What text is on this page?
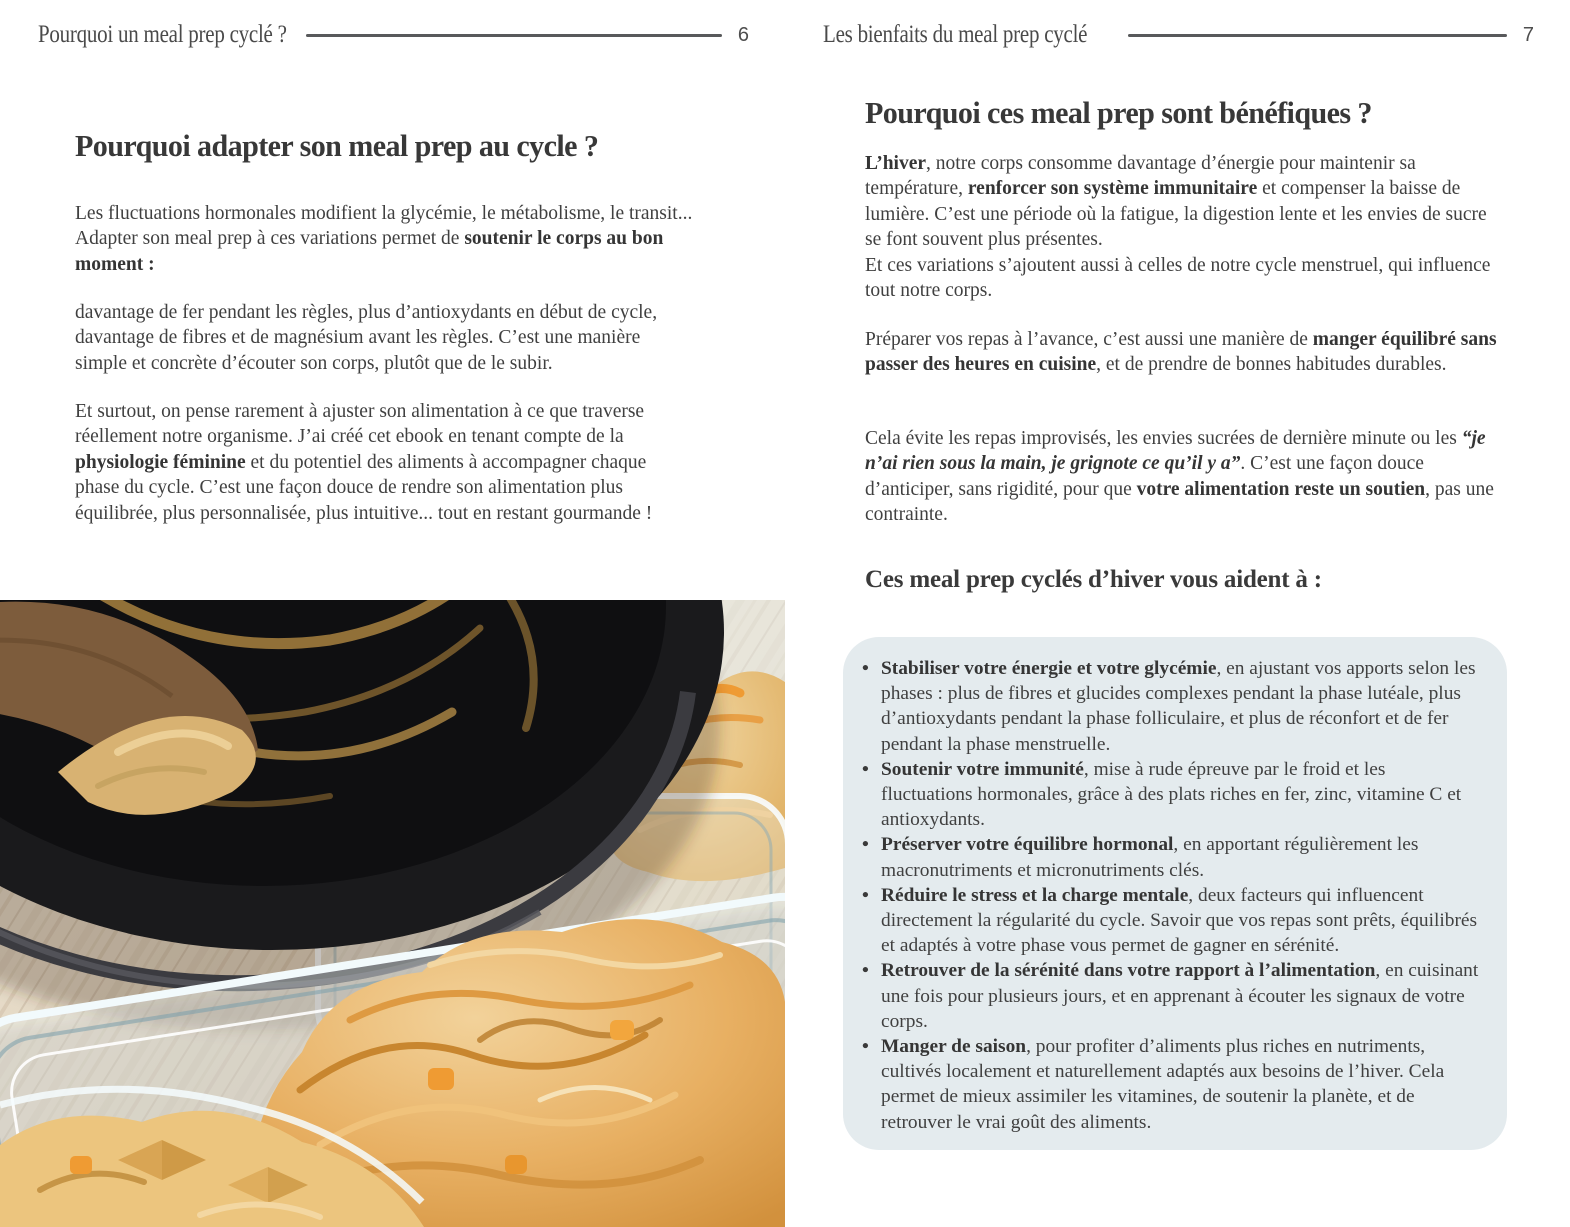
Pourquoi un meal prep cyclé ?	6
Pourquoi adapter son meal prep au cycle ?

Les fluctuations hormonales modifient la glycémie, le métabolisme, le transit... Adapter son meal prep à ces variations permet de soutenir le corps au bon moment :

davantage de fer pendant les règles, plus d’antioxydants en début de cycle, davantage de fibres et de magnésium avant les règles. C’est une manière simple et concrète d’écouter son corps, plutôt que de le subir.

Et surtout, on pense rarement à ajuster son alimentation à ce que traverse réellement notre organisme. J’ai créé cet ebook en tenant compte de la physiologie féminine et du potentiel des aliments à accompagner chaque phase du cycle. C’est une façon douce de rendre son alimentation plus équilibrée, plus personnalisée, plus intuitive... tout en restant gourmande !

Les bienfaits du meal prep cyclé	7
Pourquoi ces meal prep sont bénéfiques ?

L’hiver, notre corps consomme davantage d’énergie pour maintenir sa température, renforcer son système immunitaire et compenser la baisse de lumière. C’est une période où la fatigue, la digestion lente et les envies de sucre se font souvent plus présentes.
Et ces variations s’ajoutent aussi à celles de notre cycle menstruel, qui influence tout notre corps.

Préparer vos repas à l’avance, c’est aussi une manière de manger équilibré sans passer des heures en cuisine, et de prendre de bonnes habitudes durables.

Cela évite les repas improvisés, les envies sucrées de dernière minute ou les “je n’ai rien sous la main, je grignote ce qu’il y a”. C’est une façon douce d’anticiper, sans rigidité, pour que votre alimentation reste un soutien, pas une contrainte.

Ces meal prep cyclés d’hiver vous aident à :
• Stabiliser votre énergie et votre glycémie, en ajustant vos apports selon les phases : plus de fibres et glucides complexes pendant la phase lutéale, plus d’antioxydants pendant la phase folliculaire, et plus de réconfort et de fer pendant la phase menstruelle.
• Soutenir votre immunité, mise à rude épreuve par le froid et les fluctuations hormonales, grâce à des plats riches en fer, zinc, vitamine C et antioxydants.
• Préserver votre équilibre hormonal, en apportant régulièrement les macronutriments et micronutriments clés.
• Réduire le stress et la charge mentale, deux facteurs qui influencent directement la régularité du cycle. Savoir que vos repas sont prêts, équilibrés et adaptés à votre phase vous permet de gagner en sérénité.
• Retrouver de la sérénité dans votre rapport à l’alimentation, en cuisinant une fois pour plusieurs jours, et en apprenant à écouter les signaux de votre corps.
• Manger de saison, pour profiter d’aliments plus riches en nutriments, cultivés localement et naturellement adaptés aux besoins de l’hiver. Cela permet de mieux assimiler les vitamines, de soutenir la planète, et de retrouver le vrai goût des aliments.
